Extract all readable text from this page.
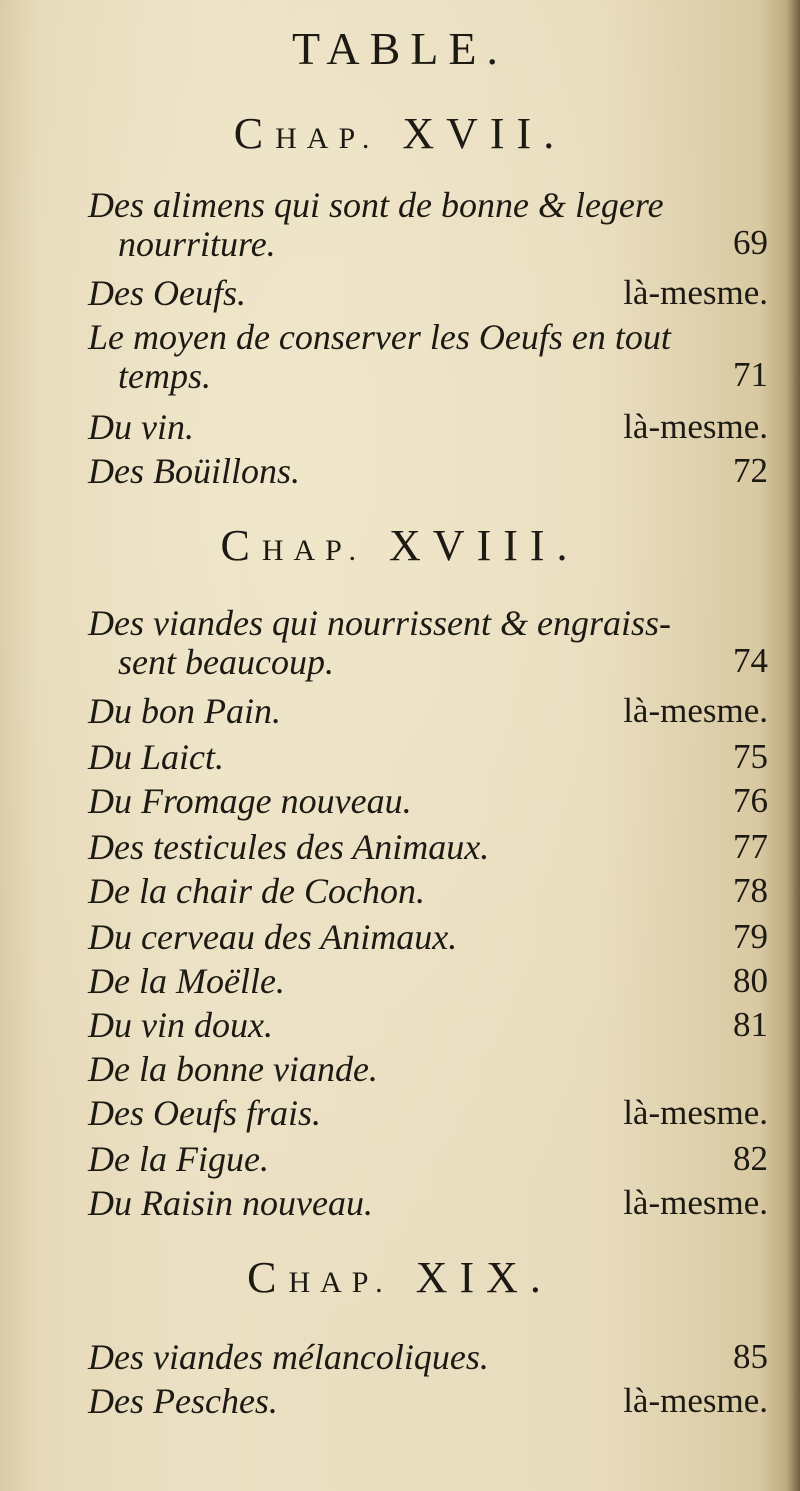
TABLE.
CHAP. XVII.
Des alimens qui sont de bonne & legere
nourriture.	69
Des Oeufs.	là-mesme.
Le moyen de conserver les Oeufs en tout
temps.	71
Du vin.	là-mesme.
Des Boüillons.	72
CHAP. XVIII.
Des viandes qui nourrissent & engraiss-
sent beaucoup.	74
Du bon Pain.	là-mesme.
Du Laict.	75
Du Fromage nouveau.	76
Des testicules des Animaux.	77
De la chair de Cochon.	78
Du cerveau des Animaux.	79
De la Moëlle.	80
Du vin doux.	81
De la bonne viande.
Des Oeufs frais.	là-mesme.
De la Figue.	82
Du Raisin nouveau.	là-mesme.
CHAP. XIX.
Des viandes mélancoliques.	85
Des Pesches.	là-mesme.
